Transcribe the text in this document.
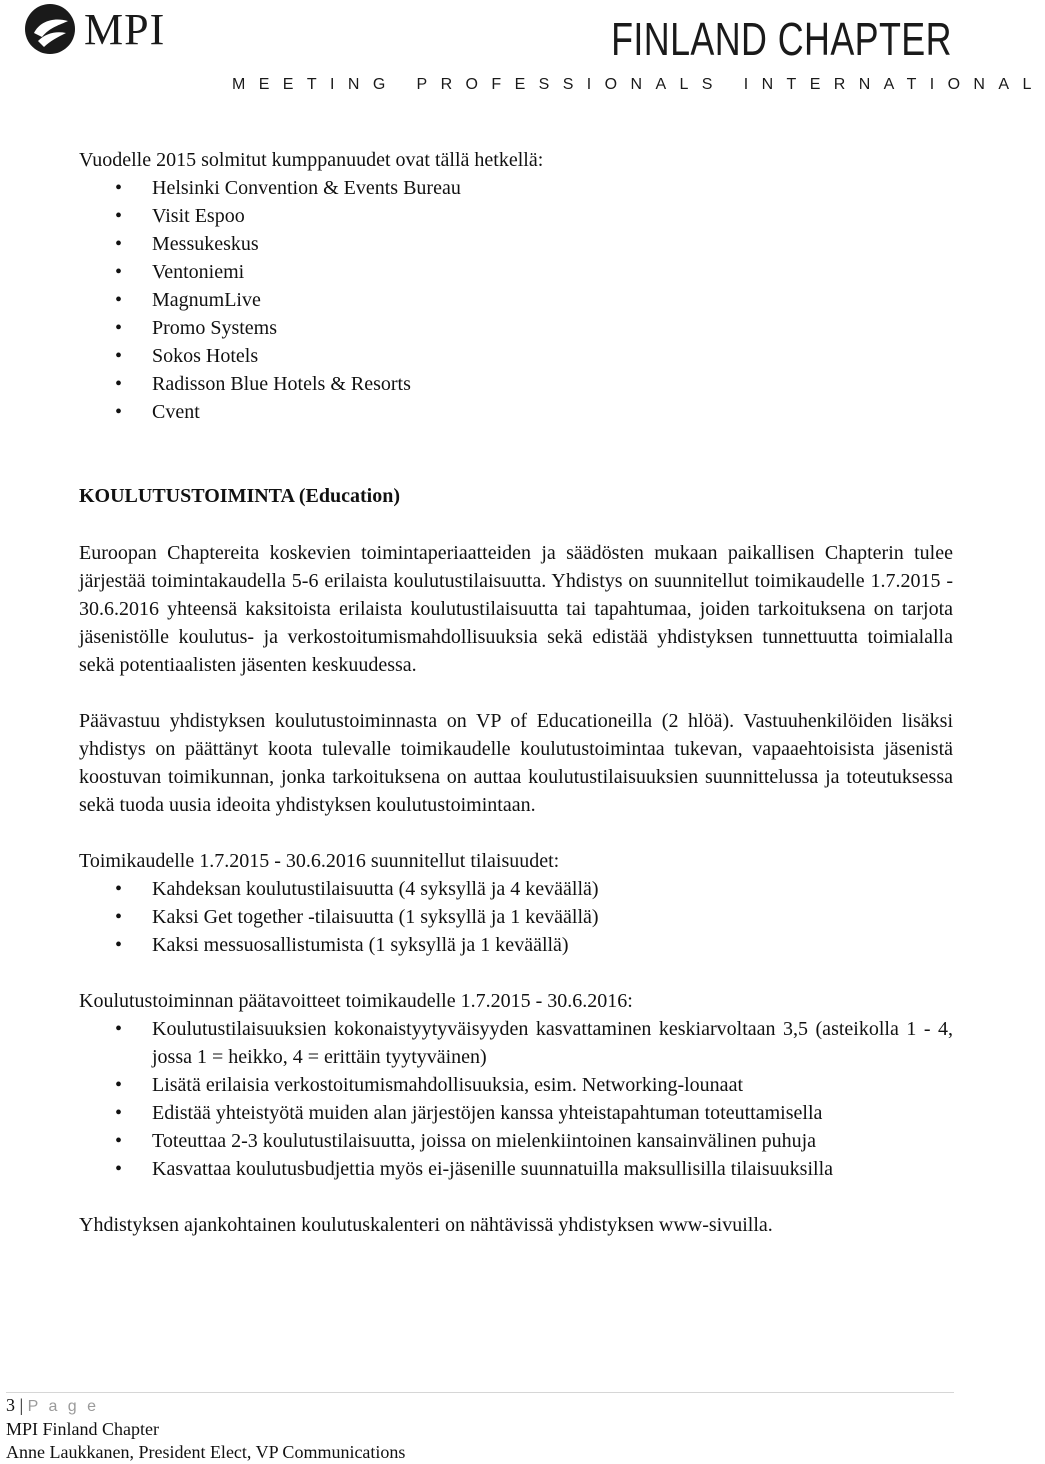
MPI	FINLAND CHAPTER
MEETING PROFESSIONALS INTERNATIONAL

Vuodelle 2015 solmitut kumppanuudet ovat tällä hetkellä:

• Helsinki Convention & Events Bureau
• Visit Espoo
• Messukeskus
• Ventoniemi
• MagnumLive
• Promo Systems
• Sokos Hotels
• Radisson Blue Hotels & Resorts
• Cvent

KOULUTUSTOIMINTA (Education)

Euroopan Chaptereita koskevien toimintaperiaatteiden ja säädösten mukaan paikallisen Chapterin tulee järjestää toimintakaudella 5-6 erilaista koulutustilaisuutta. Yhdistys on suunnitellut toimikaudelle 1.7.2015 - 30.6.2016 yhteensä kaksitoista erilaista koulutustilaisuutta tai tapahtumaa, joiden tarkoituksena on tarjota jäsenistölle koulutus- ja verkostoitumismahdollisuuksia sekä edistää yhdistyksen tunnettuutta toimialalla sekä potentiaalisten jäsenten keskuudessa.

Päävastuu yhdistyksen koulutustoiminnasta on VP of Educationeilla (2 hlöä). Vastuuhenkilöiden lisäksi yhdistys on päättänyt koota tulevalle toimikaudelle koulutustoimintaa tukevan, vapaaehtoisista jäsenistä koostuvan toimikunnan, jonka tarkoituksena on auttaa koulutustilaisuuksien suunnittelussa ja toteutuksessa sekä tuoda uusia ideoita yhdistyksen koulutustoimintaan.

Toimikaudelle 1.7.2015 - 30.6.2016 suunnitellut tilaisuudet:

• Kahdeksan koulutustilaisuutta (4 syksyllä ja 4 keväällä)
• Kaksi Get together -tilaisuutta (1 syksyllä ja 1 keväällä)
• Kaksi messuosallistumista (1 syksyllä ja 1 keväällä)

Koulutustoiminnan päätavoitteet toimikaudelle 1.7.2015 - 30.6.2016:

• Koulutustilaisuuksien kokonaistyytyväisyyden kasvattaminen keskiarvoltaan 3,5 (asteikolla 1 - 4, jossa 1 = heikko, 4 = erittäin tyytyväinen)
• Lisätä erilaisia verkostoitumismahdollisuuksia, esim. Networking-lounaat
• Edistää yhteistyötä muiden alan järjestöjen kanssa yhteistapahtuman toteuttamisella
• Toteuttaa 2-3 koulutustilaisuutta, joissa on mielenkiintoinen kansainvälinen puhuja
• Kasvattaa koulutusbudjettia myös ei-jäsenille suunnatuilla maksullisilla tilaisuuksilla

Yhdistyksen ajankohtainen koulutuskalenteri on nähtävissä yhdistyksen www-sivuilla.

3 | P a g e
MPI Finland Chapter
Anne Laukkanen, President Elect, VP Communications
